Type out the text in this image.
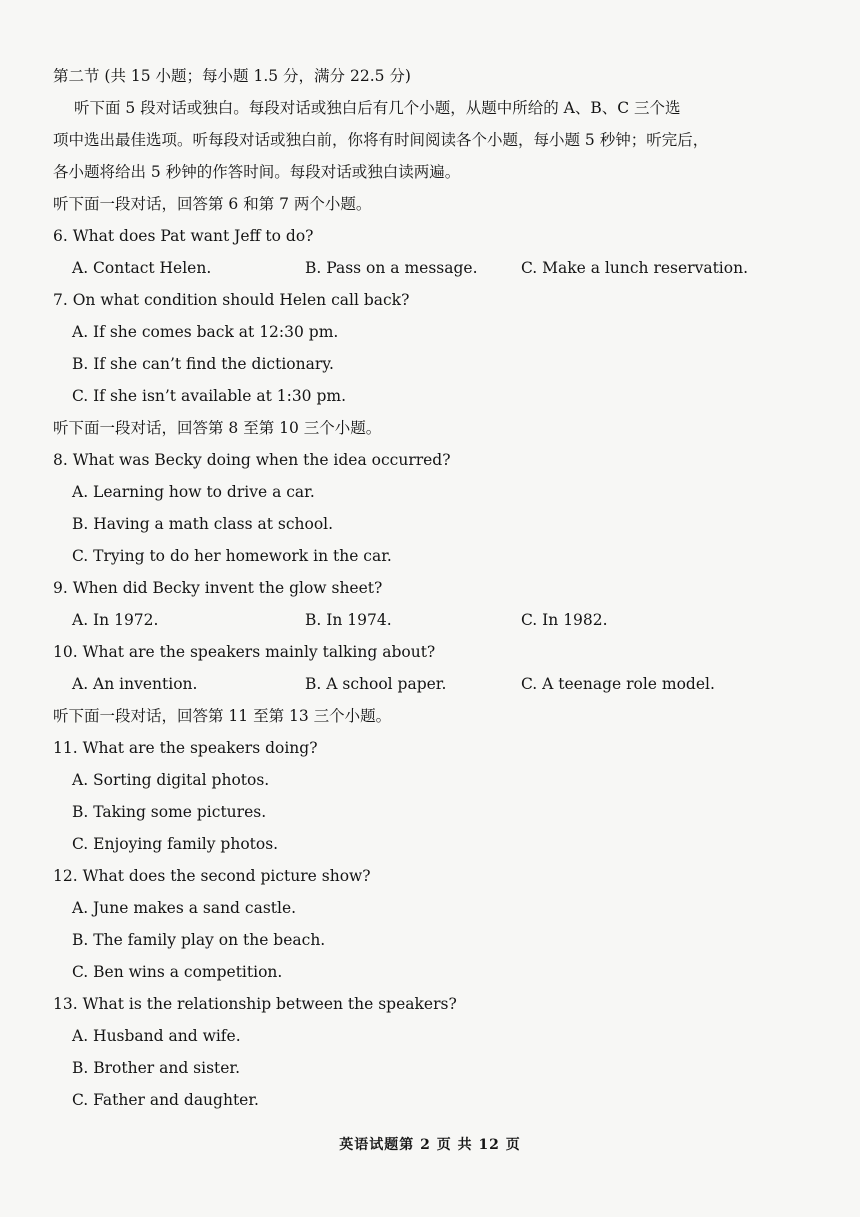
第二节 (共 15 小题；每小题 1.5 分，满分 22.5 分)
听下面 5 段对话或独白。每段对话或独白后有几个小题，从题中所给的 A、B、C 三个选
项中选出最佳选项。听每段对话或独白前，你将有时间阅读各个小题，每小题 5 秒钟；听完后，
各小题将给出 5 秒钟的作答时间。每段对话或独白读两遍。
听下面一段对话，回答第 6 和第 7 两个小题。
6. What does Pat want Jeff to do?
A. Contact Helen.	B. Pass on a message.	C. Make a lunch reservation.
7. On what condition should Helen call back?
A. If she comes back at 12:30 pm.
B. If she can’t find the dictionary.
C. If she isn’t available at 1:30 pm.
听下面一段对话，回答第 8 至第 10 三个小题。
8. What was Becky doing when the idea occurred?
A. Learning how to drive a car.
B. Having a math class at school.
C. Trying to do her homework in the car.
9. When did Becky invent the glow sheet?
A. In 1972.	B. In 1974.	C. In 1982.
10. What are the speakers mainly talking about?
A. An invention.	B. A school paper.	C. A teenage role model.
听下面一段对话，回答第 11 至第 13 三个小题。
11. What are the speakers doing?
A. Sorting digital photos.
B. Taking some pictures.
C. Enjoying family photos.
12. What does the second picture show?
A. June makes a sand castle.
B. The family play on the beach.
C. Ben wins a competition.
13. What is the relationship between the speakers?
A. Husband and wife.
B. Brother and sister.
C. Father and daughter.
英语试题第 2 页 共 12 页
